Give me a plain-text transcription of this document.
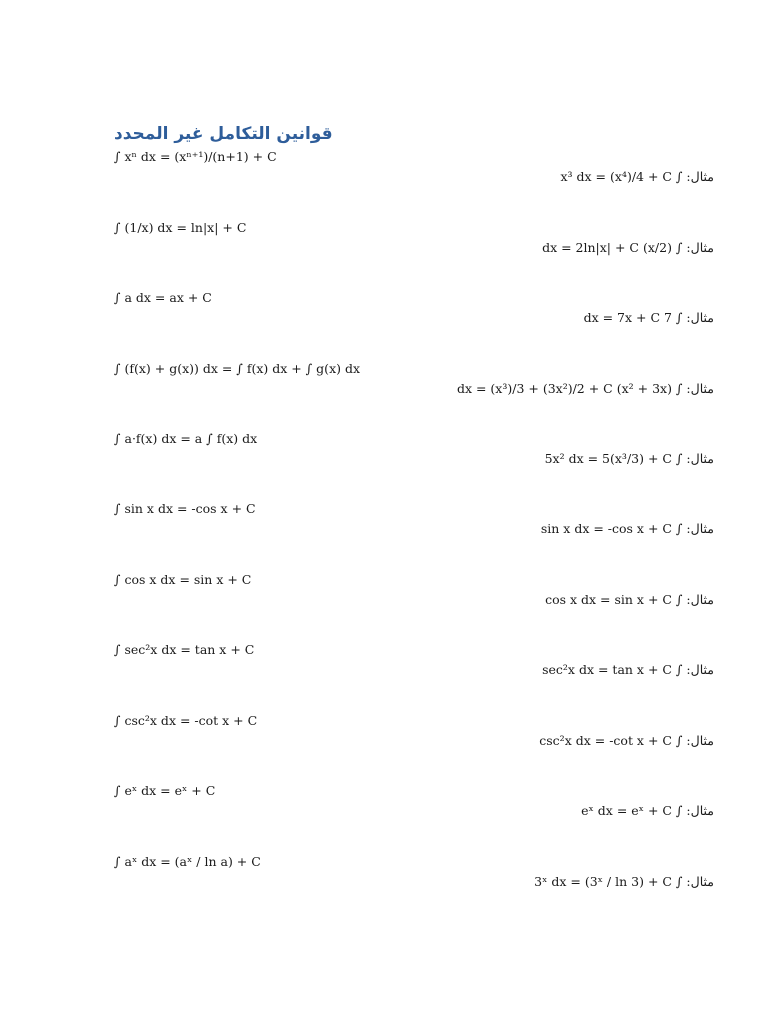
قوانين التكامل غير المحدد
∫ xⁿ dx = (xⁿ⁺¹)/(n+1) + C
مثال: ∫ x³ dx = (x⁴)/4 + C
∫ (1/x) dx = ln|x| + C
مثال: ∫ (2/x) dx = 2ln|x| + C
∫ a dx = ax + C
مثال: ∫ 7 dx = 7x + C
∫ (f(x) + g(x)) dx = ∫ f(x) dx + ∫ g(x) dx
مثال: ∫ (x² + 3x) dx = (x³)/3 + (3x²)/2 + C
∫ a·f(x) dx = a ∫ f(x) dx
مثال: ∫ 5x² dx = 5(x³/3) + C
∫ sin x dx = -cos x + C
مثال: ∫ sin x dx = -cos x + C
∫ cos x dx = sin x + C
مثال: ∫ cos x dx = sin x + C
∫ sec²x dx = tan x + C
مثال: ∫ sec²x dx = tan x + C
∫ csc²x dx = -cot x + C
مثال: ∫ csc²x dx = -cot x + C
∫ eˣ dx = eˣ + C
مثال: ∫ eˣ dx = eˣ + C
∫ aˣ dx = (aˣ / ln a) + C
مثال: ∫ 3ˣ dx = (3ˣ / ln 3) + C
